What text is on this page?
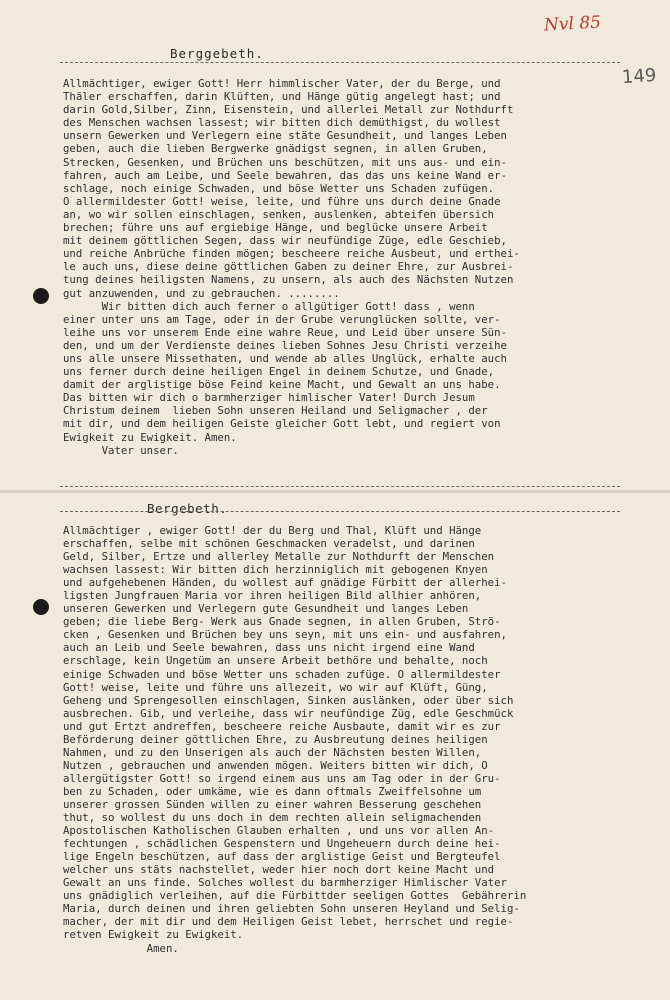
Nvl 85
149
Berggebeth.
Allmächtiger, ewiger Gott! Herr himmlischer Vater, der du Berge, und
Thäler erschaffen, darin Klüften, und Hänge gütig angelegt hast; und
darin Gold,Silber, Zinn, Eisenstein, und allerlei Metall zur Nothdurft
des Menschen wachsen lassest; wir bitten dich demüthigst, du wollest
unsern Gewerken und Verlegern eine stäte Gesundheit, und langes Leben
geben, auch die lieben Bergwerke gnädigst segnen, in allen Gruben,
Strecken, Gesenken, und Brüchen uns beschützen, mit uns aus- und ein-
fahren, auch am Leibe, und Seele bewahren, das das uns keine Wand er-
schlage, noch einige Schwaden, und böse Wetter uns Schaden zufügen.
O allermildester Gott! weise, leite, und führe uns durch deine Gnade
an, wo wir sollen einschlagen, senken, auslenken, abteifen übersich
brechen; führe uns auf ergiebige Hänge, und beglücke unsere Arbeit
mit deinem göttlichen Segen, dass wir neufündige Züge, edle Geschieb,
und reiche Anbrüche finden mögen; bescheere reiche Ausbeut, und erthei-
le auch uns, diese deine göttlichen Gaben zu deiner Ehre, zur Ausbrei-
tung deines heiligsten Namens, zu unsern, als auch des Nächsten Nutzen
gut anzuwenden, und zu gebrauchen. ........
Wir bitten dich auch ferner o allgütiger Gott! dass , wenn
einer unter uns am Tage, oder in der Grube verunglücken sollte, ver-
leihe uns vor unserem Ende eine wahre Reue, und Leid über unsere Sün-
den, und um der Verdienste deines lieben Sohnes Jesu Christi verzeihe
uns alle unsere Missethaten, und wende ab alles Unglück, erhalte auch
uns ferner durch deine heiligen Engel in deinem Schutze, und Gnade,
damit der arglistige böse Feind keine Macht, und Gewalt an uns habe.
Das bitten wir dich o barmherziger himlischer Vater! Durch Jesum
Christum deinem  lieben Sohn unseren Heiland und Seligmacher , der
mit dir, und dem heiligen Geiste gleicher Gott lebt, und regiert von
Ewigkeit zu Ewigkeit. Amen.
Vater unser.
Bergebeth.
Allmächtiger , ewiger Gott! der du Berg und Thal, Klüft und Hänge
erschaffen, selbe mit schönen Geschmacken veradelst, und darinen
Geld, Silber, Ertze und allerley Metalle zur Nothdurft der Menschen
wachsen lassest: Wir bitten dich herzinniglich mit gebogenen Knyen
und aufgehebenen Händen, du wollest auf gnädige Fürbitt der allerhei-
ligsten Jungfrauen Maria vor ihren heiligen Bild allhier anhören,
unseren Gewerken und Verlegern gute Gesundheit und langes Leben
geben; die liebe Berg- Werk aus Gnade segnen, in allen Gruben, Strö-
cken , Gesenken und Brüchen bey uns seyn, mit uns ein- und ausfahren,
auch an Leib und Seele bewahren, dass uns nicht irgend eine Wand
erschlage, kein Ungetüm an unsere Arbeit bethöre und behalte, noch
einige Schwaden und böse Wetter uns schaden zufüge. O allermildester
Gott! weise, leite und führe uns allezeit, wo wir auf Klüft, Güng,
Geheng und Sprengesollen einschlagen, Sinken auslänken, oder über sich
ausbrechen. Gib, und verleihe, dass wir neufündige Züg, edle Geschmück
und gut Ertzt andreffen, bescheere reiche Ausbaute, damit wir es zur
Beförderung deiner göttlichen Ehre, zu Ausbreutung deines heiligen
Nahmen, und zu den Unserigen als auch der Nächsten besten Willen,
Nutzen , gebrauchen und anwenden mögen. Weiters bitten wir dich, O
allergütigster Gott! so irgend einem aus uns am Tag oder in der Gru-
ben zu Schaden, oder umkäme, wie es dann oftmals Zweiffelsohne um
unserer grossen Sünden willen zu einer wahren Besserung geschehen
thut, so wollest du uns doch in dem rechten allein seligmachenden
Apostolischen Katholischen Glauben erhalten , und uns vor allen An-
fechtungen , schädlichen Gespenstern und Ungeheuern durch deine hei-
lige Engeln beschützen, auf dass der arglistige Geist und Bergteufel
welcher uns stäts nachstellet, weder hier noch dort keine Macht und
Gewalt an uns finde. Solches wollest du barmherziger Himlischer Vater
uns gnädiglich verleihen, auf die Fürbittder seeligen Gottes  Gebährerin
Maria, durch deinen und ihren geliebten Sohn unseren Heyland und Selig-
macher, der mit dir und dem Heiligen Geist lebet, herrschet und regie-
retven Ewigkeit zu Ewigkeit.
Amen.
